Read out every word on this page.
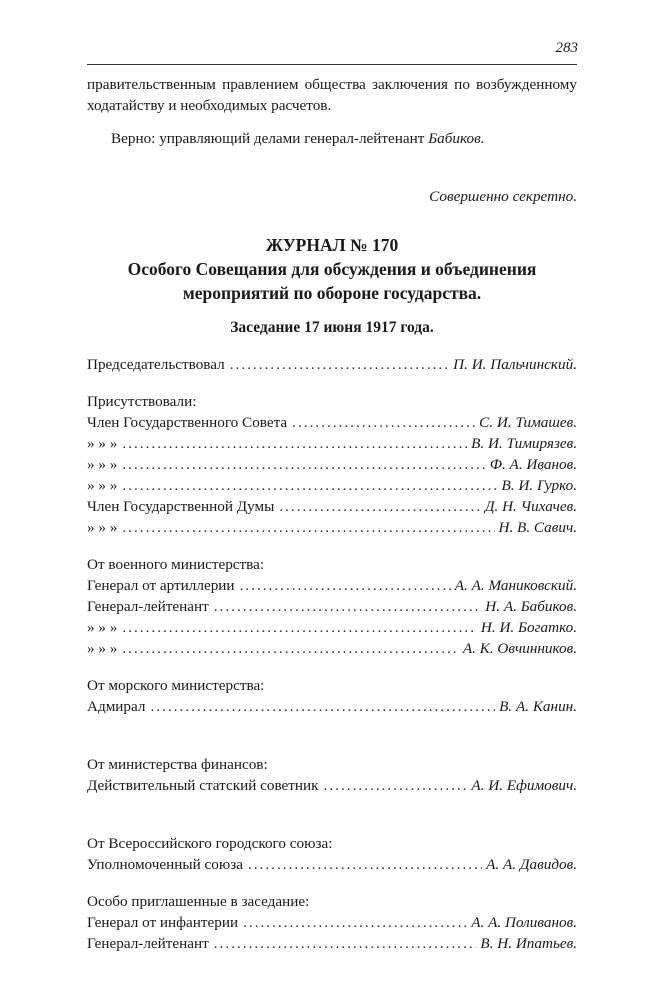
283

правительственным правлением общества заключения по возбужденному ходатайству и необходимых расчетов.

Верно: управляющий делами генерал-лейтенант Бабиков.

Совершенно секретно.

ЖУРНАЛ № 170

Особого Совещания для обсуждения и объединения

мероприятий по обороне государства.

Заседание 17 июня 1917 года.

Председательствовал .....	П. И. Пальчинский.
Присутствовали:
Член Государственного Совета .....	С. И. Тимашев.
» » » .....	В. И. Тимирязев.
» » » .....	Ф. А. Иванов.
» » » .....	В. И. Гурко.
Член Государственной Думы .....	Д. Н. Чихачев.
» » » .....	Н. В. Савич.
От военного министерства:
Генерал от артиллерии .....	А. А. Маниковский.
Генерал-лейтенант .....	Н. А. Бабиков.
» » » .....	Н. И. Богатко.
» » » .....	А. К. Овчинников.
От морского министерства:
Адмирал .....	В. А. Канин.
От министерства финансов:
Действительный статский советник .....	А. И. Ефимович.
От Всероссийского городского союза:
Уполномоченный союза .....	А. А. Давидов.
Особо приглашенные в заседание:
Генерал от инфантерии .....	А. А. Поливанов.
Генерал-лейтенант .....	В. Н. Ипатьев.
